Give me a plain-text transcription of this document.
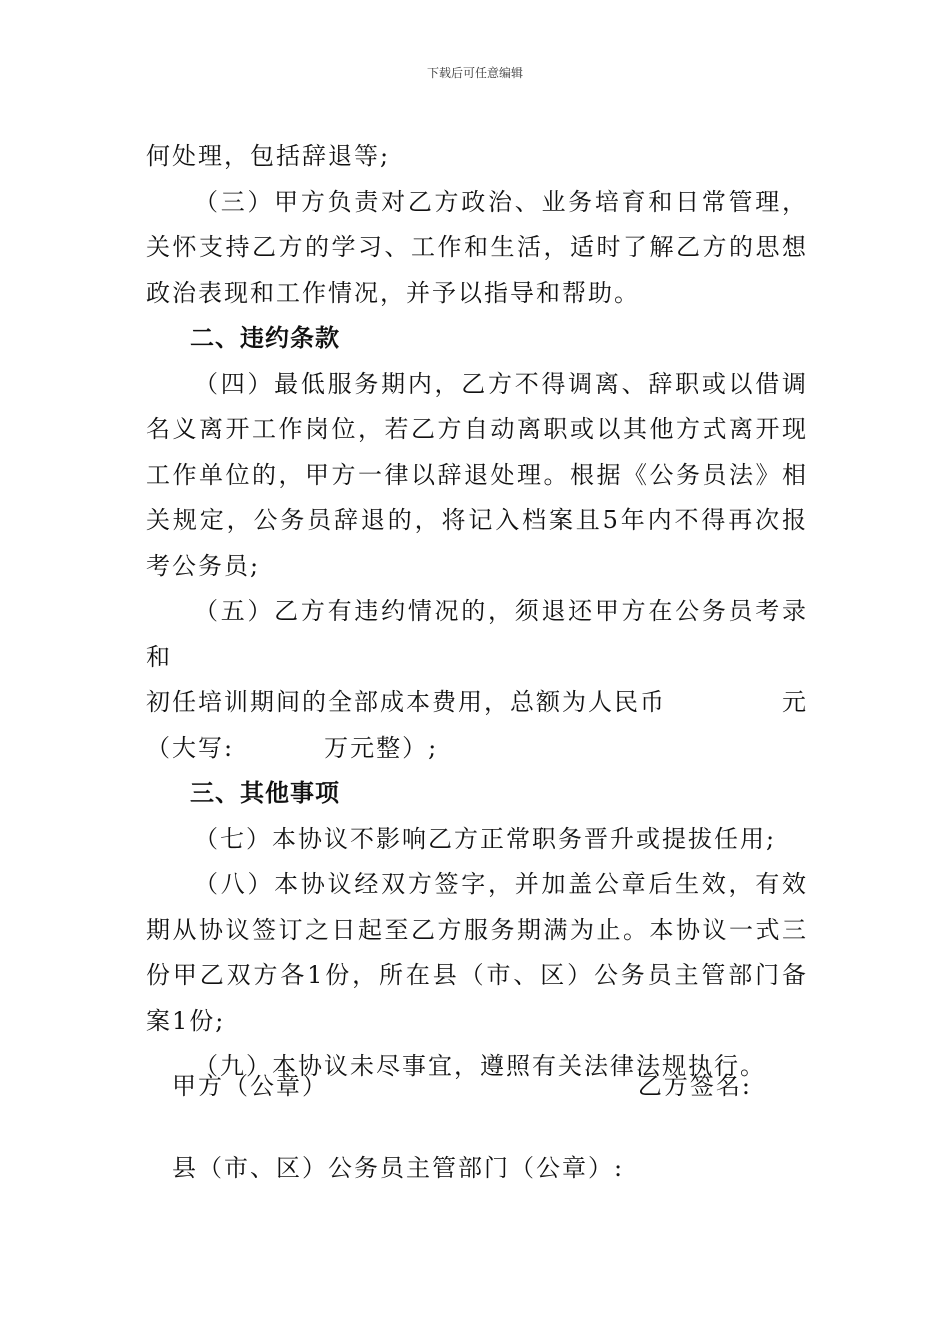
下载后可任意编辑

何处理，包括辞退等;

（三）甲方负责对乙方政治、业务培育和日常管理，关怀支持乙方的学习、工作和生活，适时了解乙方的思想政治表现和工作情况，并予以指导和帮助。

二、违约条款

（四）最低服务期内，乙方不得调离、辞职或以借调名义离开工作岗位，若乙方自动离职或以其他方式离开现工作单位的，甲方一律以辞退处理。根据《公务员法》相关规定，公务员辞退的，将记入档案且5年内不得再次报考公务员;

（五）乙方有违约情况的，须退还甲方在公务员考录和

初任培训期间的全部成本费用，总额为人民币	元
（大写:	万元整）;

三、其他事项

（七）本协议不影响乙方正常职务晋升或提拔任用;

（八）本协议经双方签字，并加盖公章后生效，有效期从协议签订之日起至乙方服务期满为止。本协议一式三份甲乙双方各1份，所在县（市、区）公务员主管部门备案1份;

（九）本协议未尽事宜，遵照有关法律法规执行。

甲方（公章）	乙方签名:
县（市、区）公务员主管部门（公章）:
